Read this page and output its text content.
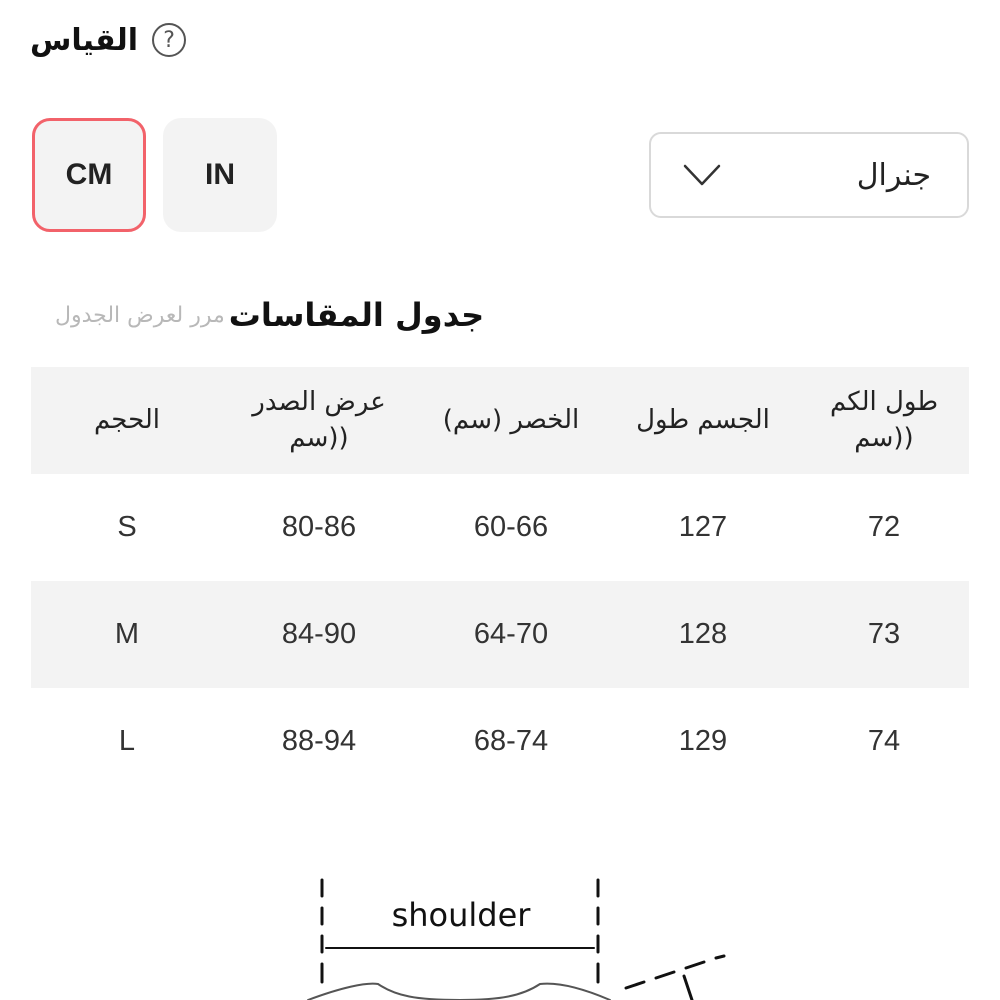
القياس	?
CM	IN	جنرال
مرر لعرض الجدول جدول المقاسات
الحجم	عرض الصدر ((سم	(الخصر (سم	الجسم طول	طول الكم ((سم
S	80-86	60-66	127	72
M	84-90	64-70	128	73
L	88-94	68-74	129	74
shoulder
